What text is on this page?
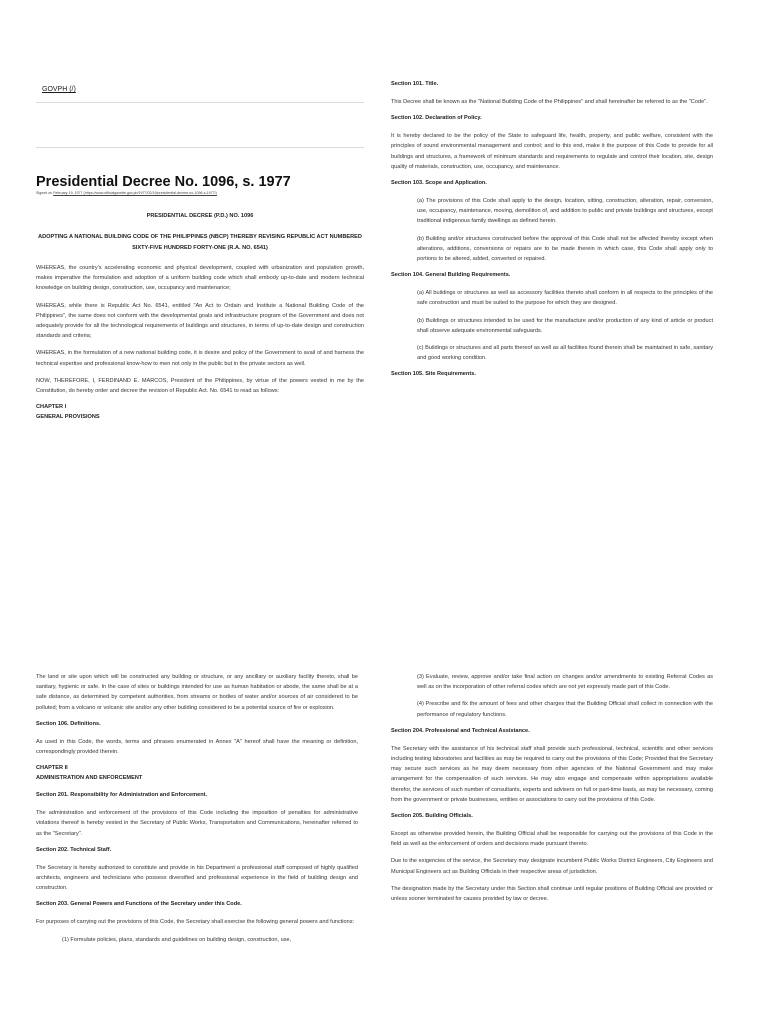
GOVPH (/)
Presidential Decree No. 1096, s. 1977
Signed on February 19, 1977 (https://www.officialgazette.gov.ph/1977/02/19/presidential-decree-no-1096-s-1977/)
PRESIDENTIAL DECREE (P.D.) NO. 1096
ADOPTING A NATIONAL BUILDING CODE OF THE PHILIPPINES (NBCP) THEREBY REVISING REPUBLIC ACT NUMBERED SIXTY-FIVE HUNDRED FORTY-ONE (R.A. NO. 6541)

WHEREAS, the country's accelerating economic and physical development, coupled with urbanization and population growth, makes imperative the formulation and adoption of a uniform building code which shall embody up-to-date and modern technical knowledge on building design, construction, use, occupancy and maintenance;

WHEREAS, while there is Republic Act No. 6541, entitled "An Act to Ordain and Institute a National Building Code of the Philippines", the same does not conform with the developmental goals and infrastructure program of the Government and does not adequately provide for all the technological requirements of buildings and structures, in terms of up-to-date design and construction standards and criteria;

WHEREAS, in the formulation of a new national building code, it is desire and policy of the Government to avail of and harness the technical expertise and professional know-how to men not only in the public but in the private sectors as well.

NOW, THEREFORE, I, FERDINAND E. MARCOS, President of the Philippines, by virtue of the powers vested in me by the Constitution, do hereby order and decree the revision of Republic Act. No. 6541 to read as follows:

CHAPTER I
GENERAL PROVISIONS
Section 101. Title.

This Decree shall be known as the "National Building Code of the Philippines" and shall hereinafter be referred to as the "Code".

Section 102. Declaration of Policy.

It is hereby declared to be the policy of the State to safeguard life, health, property, and public welfare, consistent with the principles of sound environmental management and control; and to this end, make it the purpose of this Code to provide for all buildings and structures, a framework of minimum standards and requirements to regulate and control their location, site, design quality of materials, construction, use, occupancy, and maintenance.

Section 103. Scope and Application.

(a) The provisions of this Code shall apply to the design, location, sitting, construction, alteration, repair, conversion, use, occupancy, maintenance, moving, demolition of, and addition to public and private buildings and structures, except traditional indigenous family dwellings as defined herein.

(b) Building and/or structures constructed before the approval of this Code shall not be affected thereby except when alterations, additions, conversions or repairs are to be made therein in which case, this Code shall apply only to portions to be altered, added, converted or repaired.

Section 104. General Building Requirements.

(a) All buildings or structures as well as accessory facilities thereto shall conform in all respects to the principles of the safe construction and must be suited to the purpose for which they are designed.

(b) Buildings or structures intended to be used for the manufacture and/or production of any kind of article or product shall observe adequate environmental safeguards.

(c) Buildings or structures and all parts thereof as well as all facilities found therein shall be maintained in safe, sanitary and good working condition.

Section 105. Site Requirements.

The land or site upon which will be constructed any building or structure, or any ancillary or auxiliary facility thereto, shall be sanitary, hygienic or safe. In the case of sites or buildings intended for use as human habitation or abode, the same shall be at a safe distance, as determined by competent authorities, from streams or bodies of water and/or sources of air considered to be polluted; from a volcano or volcanic site and/or any other building considered to be a potential source of fire or explosion.

Section 106. Definitions.

As used in this Code, the words, terms and phrases enumerated in Annex "A" hereof shall have the meaning or definition, correspondingly provided therein.

CHAPTER II
ADMINISTRATION AND ENFORCEMENT
Section 201. Responsibility for Administration and Enforcement.

The administration and enforcement of the provisions of this Code including the imposition of penalties for administrative violations thereof is hereby vested in the Secretary of Public Works, Transportation and Communications, hereinafter referred to as the "Secretary".

Section 202. Technical Staff.

The Secretary is hereby authorized to constitute and provide in his Department a professional staff composed of highly qualified architects, engineers and technicians who possess diversified and professional experience in the field of building design and construction.

Section 203. General Powers and Functions of the Secretary under this Code.

For purposes of carrying out the provisions of this Code, the Secretary shall exercise the following general powers and functions:

(1) Formulate policies, plans, standards and guidelines on building design, construction, use,

(3) Evaluate, review, approve and/or take final action on changes and/or amendments to existing Referral Codes as well as on the incorporation of other referral codes which are not yet expressly made part of this Code.

(4) Prescribe and fix the amount of fees and other charges that the Building Official shall collect in connection with the performance of regulatory functions.

Section 204. Professional and Technical Assistance.

The Secretary with the assistance of his technical staff shall provide such professional, technical, scientific and other services including testing laboratories and facilities as may be required to carry out the provisions of this Code; Provided that the Secretary may secure such services as he may deem necessary from other agencies of the National Government and may make arrangement for the compensation of such services. He may also engage and compensate within appropriations available therefor, the services of such number of consultants, experts and advisers on full or part-time basis, as may be necessary, coming from the government or private businesses, entities or associations to carry out the provisions of this Code.

Section 205. Building Officials.

Except as otherwise provided herein, the Building Official shall be responsible for carrying out the provisions of this Code in the field as well as the enforcement of orders and decisions made pursuant thereto.

Due to the exigencies of the service, the Secretary may designate incumbent Public Works District Engineers, City Engineers and Municipal Engineers act as Building Officials in their respective areas of jurisdiction.

The designation made by the Secretary under this Section shall continue until regular positions of Building Official are provided or unless sooner terminated for causes provided by law or decree.
